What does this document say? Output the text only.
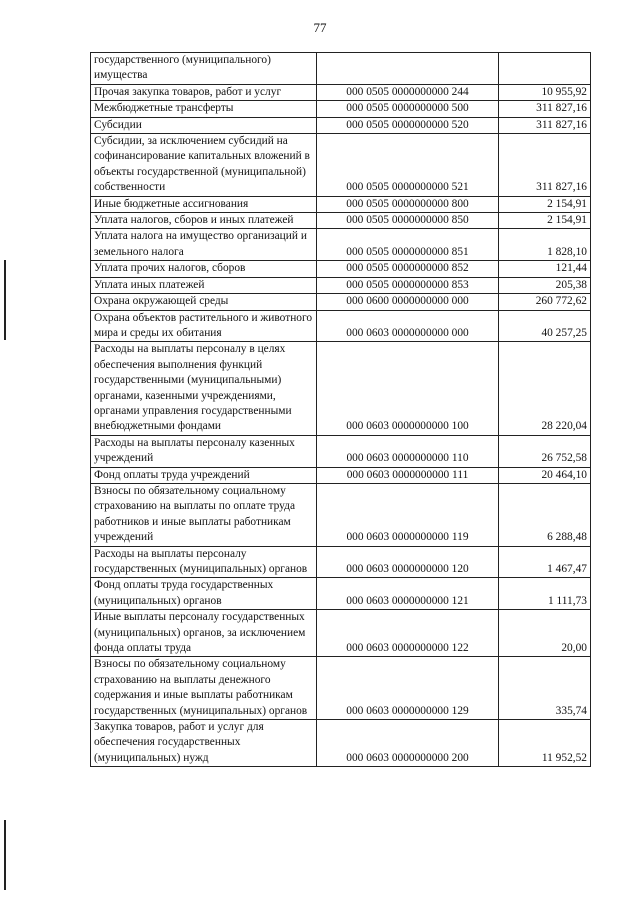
77
государственного (муниципального) имущества		
Прочая закупка товаров, работ и услуг	000 0505 0000000000 244	10 955,92
Межбюджетные трансферты	000 0505 0000000000 500	311 827,16
Субсидии	000 0505 0000000000 520	311 827,16
Субсидии, за исключением субсидий на софинансирование капитальных вложений в объекты государственной (муниципальной) собственности	000 0505 0000000000 521	311 827,16
Иные бюджетные ассигнования	000 0505 0000000000 800	2 154,91
Уплата налогов, сборов и иных платежей	000 0505 0000000000 850	2 154,91
Уплата налога на имущество организаций и земельного налога	000 0505 0000000000 851	1 828,10
Уплата прочих налогов, сборов	000 0505 0000000000 852	121,44
Уплата иных платежей	000 0505 0000000000 853	205,38
Охрана окружающей среды	000 0600 0000000000 000	260 772,62
Охрана объектов растительного и животного мира и среды их обитания	000 0603 0000000000 000	40 257,25
Расходы на выплаты персоналу в целях обеспечения выполнения функций государственными (муниципальными) органами, казенными учреждениями, органами управления государственными внебюджетными фондами	000 0603 0000000000 100	28 220,04
Расходы на выплаты персоналу казенных учреждений	000 0603 0000000000 110	26 752,58
Фонд оплаты труда учреждений	000 0603 0000000000 111	20 464,10
Взносы по обязательному социальному страхованию на выплаты по оплате труда работников и иные выплаты работникам учреждений	000 0603 0000000000 119	6 288,48
Расходы на выплаты персоналу государственных (муниципальных) органов	000 0603 0000000000 120	1 467,47
Фонд оплаты труда государственных (муниципальных) органов	000 0603 0000000000 121	1 111,73
Иные выплаты персоналу государственных (муниципальных) органов, за исключением фонда оплаты труда	000 0603 0000000000 122	20,00
Взносы по обязательному социальному страхованию на выплаты денежного содержания и иные выплаты работникам государственных (муниципальных) органов	000 0603 0000000000 129	335,74
Закупка товаров, работ и услуг для обеспечения государственных (муниципальных) нужд	000 0603 0000000000 200	11 952,52
